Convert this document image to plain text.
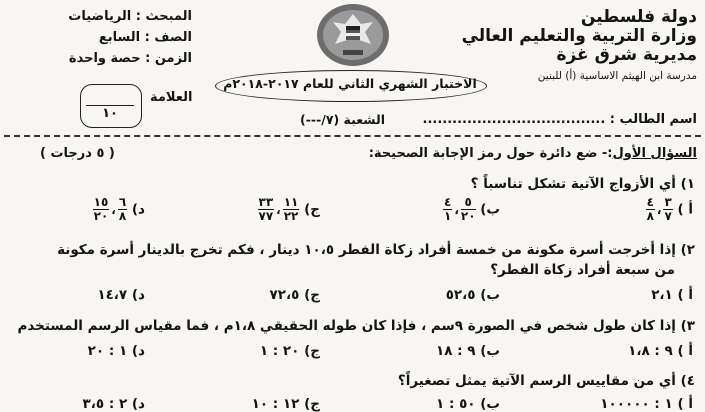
دولة فلسطين
وزارة التربية والتعليم العالي
مديرية شرق غزة
المبحث : الرياضيات
الصف : السابع
الزمن : حصة واحدة
الاختبار الشهري الثاني للعام ٢٠١٧-٢٠١٨م	مدرسة ابن الهيثم الاساسية (أ) للبنين
العلامة
١٠	اسم الطالب : .....................................
الشعبة (٧/---)
السؤال الأول:- ضع دائرة حول رمز الإجابة الصحيحة:
( ٥ درجات )
١) أي الأزواج الآتية تشكل تناسباً ؟
أ )
$\frac{٣}{٧}$
،
$\frac{٤}{٨}$
ب)
$\frac{٥}{٢٠}$
،
$\frac{٤}{١}$
ج)
$\frac{١١}{٢٢}$
،
$\frac{٣٣}{٧٧}$
د)
$\frac{٦}{٨}$
،
$\frac{١٥}{٢٠}$
٢) إذا أخرجت أسرة مكونة من خمسة أفراد زكاة الفطر ١٠،٥ دينار ، فكم تخرج بالدينار أسرة مكونة
من سبعة أفراد زكاة الفطر؟
أ ) ٢،١
ب) ٥٢،٥
ج) ٧٢،٥
د) ١٤،٧
٣) إذا كان طول شخص في الصورة ٩سم ، فإذا كان طوله الحقيقي ١،٨م ، فما مقياس الرسم المستخدم
أ ) ٩ : ١،٨
ب) ٩ : ١٨
ج) ٢٠ : ١
د) ١ : ٢٠
٤) أي من مقاييس الرسم الآتية يمثل تصغيراً؟
أ ) ١ : ١٠٠٠٠٠
ب) ٥٠ : ١
ج) ١٢ : ١٠
د) ٢ : ٣،٥
